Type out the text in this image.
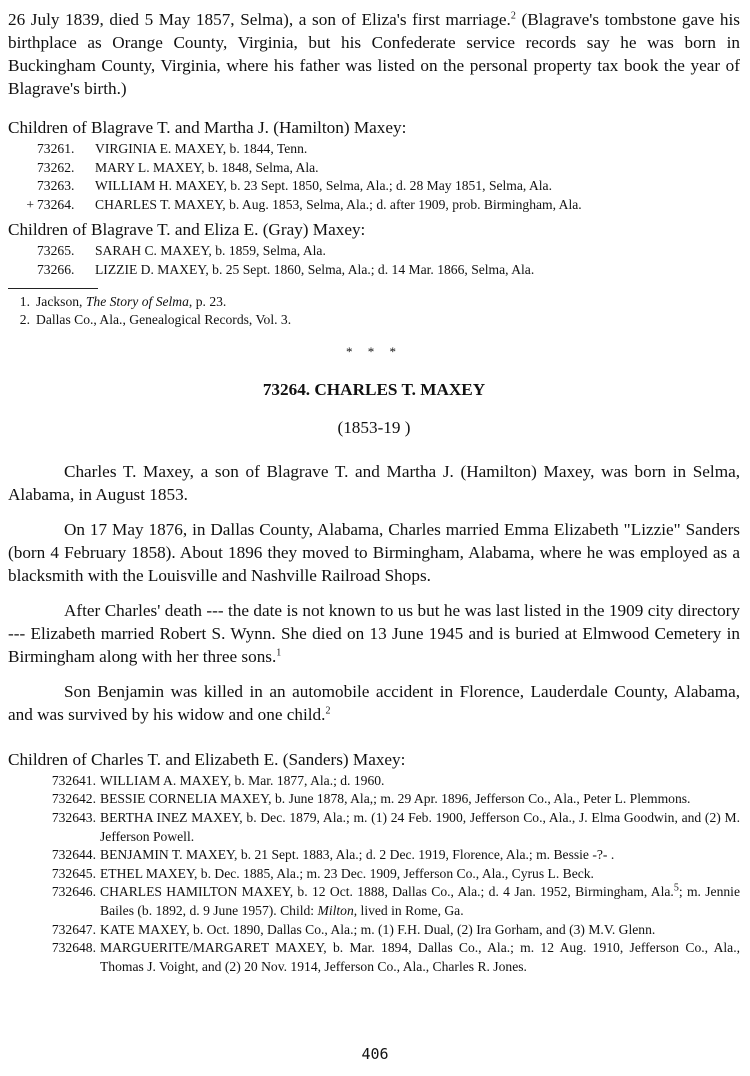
26 July 1839, died 5 May 1857, Selma), a son of Eliza's first marriage.$^2$ (Blagrave's tombstone gave his birthplace as Orange County, Virginia, but his Confederate service records say he was born in Buckingham County, Virginia, where his father was listed on the personal property tax book the year of Blagrave's birth.)

Children of Blagrave T. and Martha J. (Hamilton) Maxey:
73261.	VIRGINIA E. MAXEY, b. 1844, Tenn.
73262.	MARY L. MAXEY, b. 1848, Selma, Ala.
73263.	WILLIAM H. MAXEY, b. 23 Sept. 1850, Selma, Ala.; d. 28 May 1851, Selma, Ala.
+ 73264.	CHARLES T. MAXEY, b. Aug. 1853, Selma, Ala.; d. after 1909, prob. Birmingham, Ala.
Children of Blagrave T. and Eliza E. (Gray) Maxey:
73265.	SARAH C. MAXEY, b. 1859, Selma, Ala.
73266.	LIZZIE D. MAXEY, b. 25 Sept. 1860, Selma, Ala.; d. 14 Mar. 1866, Selma, Ala.
1. Jackson, The Story of Selma, p. 23.
2. Dallas Co., Ala., Genealogical Records, Vol. 3.
* * *
73264. CHARLES T. MAXEY
(1853-19 )

Charles T. Maxey, a son of Blagrave T. and Martha J. (Hamilton) Maxey, was born in Selma, Alabama, in August 1853.

On 17 May 1876, in Dallas County, Alabama, Charles married Emma Elizabeth "Lizzie" Sanders (born 4 February 1858). About 1896 they moved to Birmingham, Alabama, where he was employed as a blacksmith with the Louisville and Nashville Railroad Shops.

After Charles' death --- the date is not known to us but he was last listed in the 1909 city directory --- Elizabeth married Robert S. Wynn. She died on 13 June 1945 and is buried at Elmwood Cemetery in Birmingham along with her three sons.$^1$

Son Benjamin was killed in an automobile accident in Florence, Lauderdale County, Alabama, and was survived by his widow and one child.$^2$

Children of Charles T. and Elizabeth E. (Sanders) Maxey:
732641. WILLIAM A. MAXEY, b. Mar. 1877, Ala.; d. 1960.
732642. BESSIE CORNELIA MAXEY, b. June 1878, Ala,; m. 29 Apr. 1896, Jefferson Co., Ala., Peter L. Plemmons.
732643. BERTHA INEZ MAXEY, b. Dec. 1879, Ala.; m. (1) 24 Feb. 1900, Jefferson Co., Ala., J. Elma Goodwin, and (2) M. Jefferson Powell.
732644. BENJAMIN T. MAXEY, b. 21 Sept. 1883, Ala.; d. 2 Dec. 1919, Florence, Ala.; m. Bessie -?- .
732645. ETHEL MAXEY, b. Dec. 1885, Ala.; m. 23 Dec. 1909, Jefferson Co., Ala., Cyrus L. Beck.
732646. CHARLES HAMILTON MAXEY, b. 12 Oct. 1888, Dallas Co., Ala.; d. 4 Jan. 1952, Birmingham, Ala.$^5$; m. Jennie Bailes (b. 1892, d. 9 June 1957). Child: Milton, lived in Rome, Ga.
732647. KATE MAXEY, b. Oct. 1890, Dallas Co., Ala.; m. (1) F.H. Dual, (2) Ira Gorham, and (3) M.V. Glenn.
732648. MARGUERITE/MARGARET MAXEY, b. Mar. 1894, Dallas Co., Ala.; m. 12 Aug. 1910, Jefferson Co., Ala., Thomas J. Voight, and (2) 20 Nov. 1914, Jefferson Co., Ala., Charles R. Jones.
406
